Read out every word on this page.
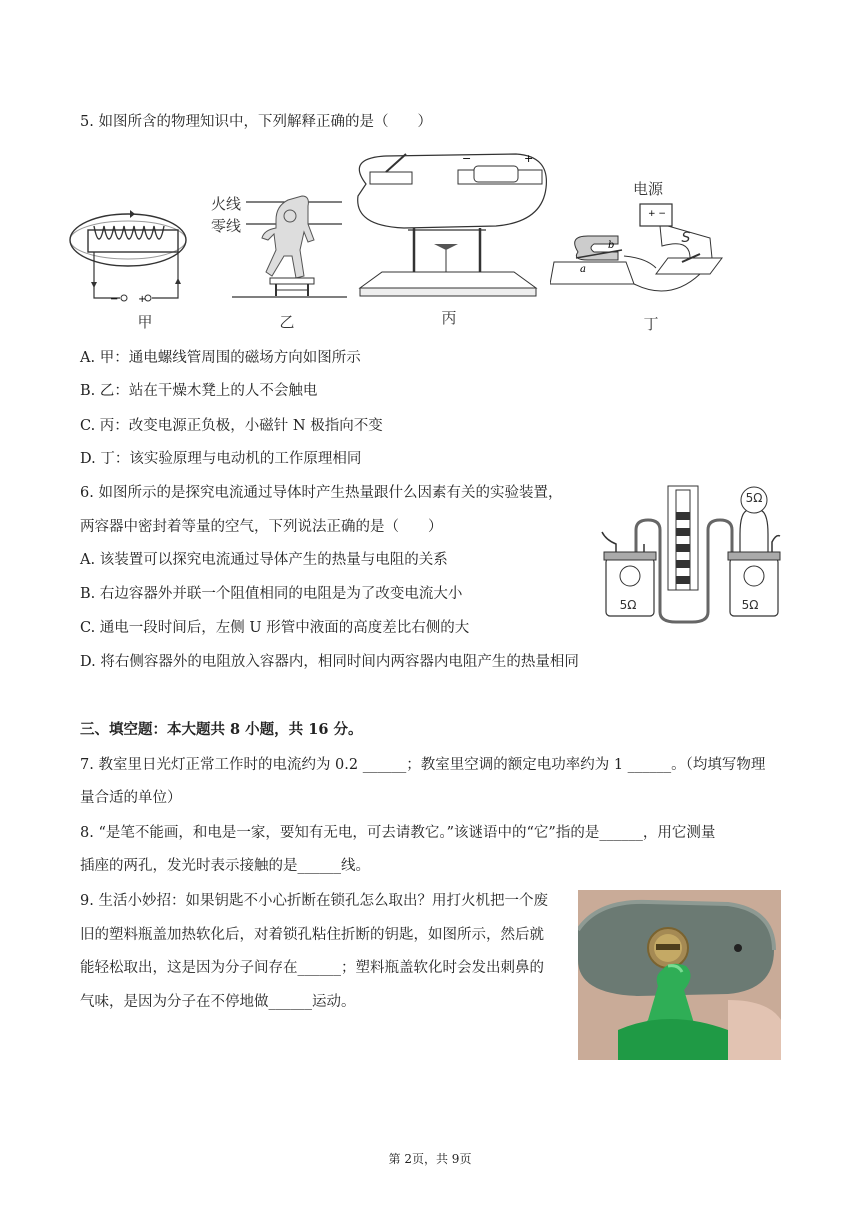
5. 如图所含的物理知识中，下列解释正确的是（　　）
− +
甲
火线
零线
乙
−	+
丙
电源
+ −
a
b	S
丁
A. 甲：通电螺线管周围的磁场方向如图所示
B. 乙：站在干燥木凳上的人不会触电
C. 丙：改变电源正负极，小磁针 N 极指向不变
D. 丁：该实验原理与电动机的工作原理相同
6. 如图所示的是探究电流通过导体时产生热量跟什么因素有关的实验装置，
两容器中密封着等量的空气，下列说法正确的是（　　）
A. 该装置可以探究电流通过导体产生的热量与电阻的关系
B. 右边容器外并联一个阻值相同的电阻是为了改变电流大小
C. 通电一段时间后，左侧 U 形管中液面的高度差比右侧的大
D. 将右侧容器外的电阻放入容器内，相同时间内两容器内电阻产生的热量相同
5Ω
5Ω	5Ω
三、填空题：本大题共 8 小题，共 16 分。
7. 教室里日光灯正常工作时的电流约为 0.2 ______；教室里空调的额定电功率约为 1 ______。（均填写物理
量合适的单位）
8. “是笔不能画，和电是一家，要知有无电，可去请教它。”该谜语中的“它”指的是______，用它测量
插座的两孔，发光时表示接触的是______线。
9. 生活小妙招：如果钥匙不小心折断在锁孔怎么取出？用打火机把一个废
旧的塑料瓶盖加热软化后，对着锁孔粘住折断的钥匙，如图所示，然后就
能轻松取出，这是因为分子间存在______；塑料瓶盖软化时会发出刺鼻的
气味，是因为分子在不停地做______运动。
第 2页，共 9页
